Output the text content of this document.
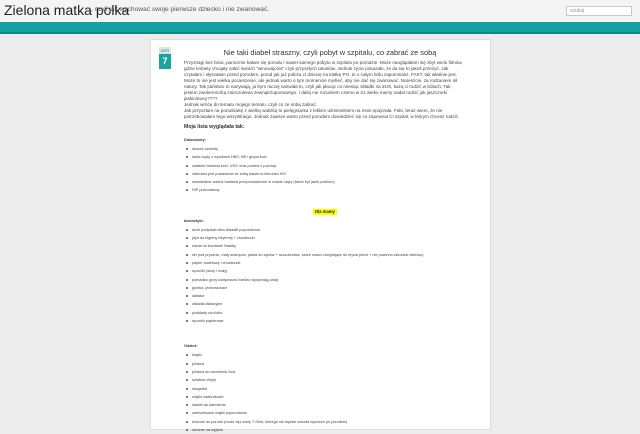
Zielona matka polka
, czyli jak wychować swoje pierwsze dziecko i nie zwariować.	szukaj
APR
7
Nie taki diabeł straszny, czyli pobyt w szpitalu, co zabrać ze sobą

Przyznaję bez bicia, panicznie bałam się porodu i nawet samego pobytu w szpitalu po porodzie. Może naoglądałam się zbyt wielu filmów, gdzie kobiety chcąały zabić swoich "winowajców" czyli przyszłych tatusiów. Jednak życie pokazało, że da się to jakoś przeżyć. Jak czytałam i słyszałam przed porodem, porod jak już położa ci dziecię na klatkę PO, to o całym bólu zapominasz. FAKT, tak właśnie jest. Może to nie jest wielka pocieszenie, ale jednak warto o tym momencie myśleć, aby nie dać się zwariować. Nareszcie, za rodzaniem sił natury. Tak państwo to nazywają, ja bym raczej nazwała to, czyli jak płacąc co miesiąc składki na ZUS, każą ci rodzić w bólach. Tak, jestem zwolenniczką znieczulenia zewnątrzoponowego. I dalej nie rozumiem czemu w 21 wieku mamy nadal rodzić jak jaszczurki jaskiniowcy????

Jednak wróćę do tematu mojego tematu, czyli co ze sobą zabrać.

Jak przyszłam na porodówkę z wielką walizką to pielęgniarka z lekkim uśmieszkiem na mnie spojrzała. Fakt, teraz wiem, że nie potrzebowałam tego wszystkiego. Jednak zawsze warto przed porodem dowiedzieć się co zapewnia Ci szpital, w którym chcesz rodzić.

Moja lista wyglądała tak:
Dokumenty:
dowód osobisty
karta ciąży z wynikami HBS, HB i grupa krwi
ostatnie badania krwi, USG oraz posiew z pochwy
zalecana jest posiadanie ze sobą badań w kierunku HIV
ewentualne ważne badania przeprowadzone w czasie ciąży (także byt jakiś problem)
NIP pracodawcy
Dla mamy
kosmetyki:
duże podpaski albo wkładki poporodowe
płyn do higieny intymnej + chusteczki
wacik na bocianek Nadaly
żel pod prysznic, mały szampon, pasta do zębów + szczoteczka, szare maści chwytające do mycia piersi + nie powinno szkodzić dziecku)
papier toaletowy i chusteczki
ręczniki (duży i mały)
pomadka (przy oddychaniu bardzo wysychają usta)
gumka, jednorazowe
laktator
wkładki laktacyjne
podkłady na łóżko
ręczniki papierowe
Odzież:
klapki
piżama
piżama do karmienia 2szt.
szlafrok ciepły
skarpetki
majtki siateczkowe
staniki do karmienia
zamszekowe majtki poporodowe
koszule do porodu (może być stary T-Shirt, którego nie będzie szkoda wyrzucić po porodzie)
ubranie na wyjście
